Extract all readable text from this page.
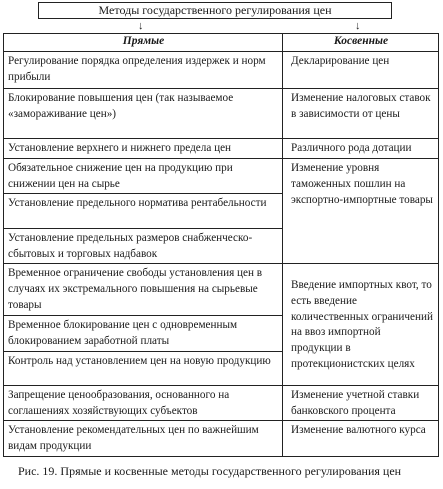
Методы государственного регулирования цен
↓	↓
Прямые
Регулирование порядка определения издержек и норм прибыли
Блокирование повышения цен (так называемое «замораживание цен»)
Установление верхнего и нижнего предела цен
Обязательное снижение цен на продукцию при снижении цен на сырье
Установление предельного норматива рентабельности
Установление предельных размеров снабженческо-сбытовых и торговых надбавок
Временное ограничение свободы установления цен в случаях их экстремального повышения на сырьевые товары
Временное блокирование цен с одновременным блокированием заработной платы
Контроль над установлением цен на новую продукцию
Запрещение ценообразования, основанного на соглашениях хозяйствующих субъектов
Установление рекомендательных цен по важнейшим видам продукции
Косвенные
Декларирование цен
Изменение налоговых ставок в зависимости от цены
Различного рода дотации
Изменение уровня таможенных пошлин на экспортно-импортные товары
Введение импортных квот, то есть введение количественных ограничений на ввоз импортной продукции в протекционистских целях
Изменение учетной ставки банковского процента
Изменение валютного курса
Рис. 19. Прямые и косвенные методы государственного регулирования цен
